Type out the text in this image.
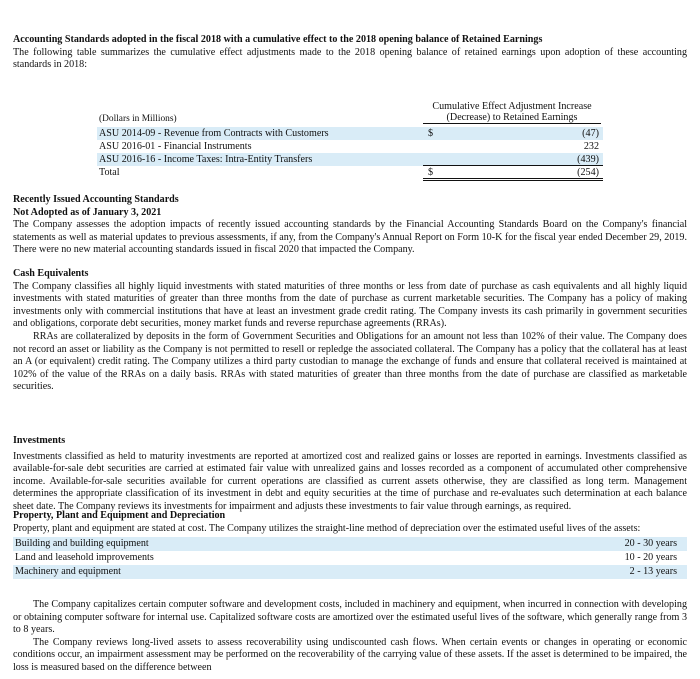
Accounting Standards adopted in the fiscal 2018 with a cumulative effect to the 2018 opening balance of Retained Earnings

The following table summarizes the cumulative effect adjustments made to the 2018 opening balance of retained earnings upon adoption of these accounting standards in 2018:

Cumulative Effect Adjustment Increase
(Decrease) to Retained Earnings
(Dollars in Millions)
ASU 2014-09 - Revenue from Contracts with Customers	$	(47)
ASU 2016-01 - Financial Instruments	232
ASU 2016-16 - Income Taxes: Intra-Entity Transfers	(439)
Total	$	(254)

Recently Issued Accounting Standards

Not Adopted as of January 3, 2021

The Company assesses the adoption impacts of recently issued accounting standards by the Financial Accounting Standards Board on the Company's financial statements as well as material updates to previous assessments, if any, from the Company's Annual Report on Form 10-K for the fiscal year ended December 29, 2019. There were no new material accounting standards issued in fiscal 2020 that impacted the Company.

Cash Equivalents

The Company classifies all highly liquid investments with stated maturities of three months or less from date of purchase as cash equivalents and all highly liquid investments with stated maturities of greater than three months from the date of purchase as current marketable securities. The Company has a policy of making investments only with commercial institutions that have at least an investment grade credit rating. The Company invests its cash primarily in government securities and obligations, corporate debt securities, money market funds and reverse repurchase agreements (RRAs).

RRAs are collateralized by deposits in the form of Government Securities and Obligations for an amount not less than 102% of their value. The Company does not record an asset or liability as the Company is not permitted to resell or repledge the associated collateral. The Company has a policy that the collateral has at least an A (or equivalent) credit rating. The Company utilizes a third party custodian to manage the exchange of funds and ensure that collateral received is maintained at 102% of the value of the RRAs on a daily basis. RRAs with stated maturities of greater than three months from the date of purchase are classified as marketable securities.

Investments

Investments classified as held to maturity investments are reported at amortized cost and realized gains or losses are reported in earnings. Investments classified as available-for-sale debt securities are carried at estimated fair value with unrealized gains and losses recorded as a component of accumulated other comprehensive income. Available-for-sale securities available for current operations are classified as current assets otherwise, they are classified as long term. Management determines the appropriate classification of its investment in debt and equity securities at the time of purchase and re-evaluates such determination at each balance sheet date. The Company reviews its investments for impairment and adjusts these investments to fair value through earnings, as required.

Property, Plant and Equipment and Depreciation

Property, plant and equipment are stated at cost. The Company utilizes the straight-line method of depreciation over the estimated useful lives of the assets:

Building and building equipment	20 - 30 years
Land and leasehold improvements	10 - 20 years
Machinery and equipment	2 - 13 years

The Company capitalizes certain computer software and development costs, included in machinery and equipment, when incurred in connection with developing or obtaining computer software for internal use. Capitalized software costs are amortized over the estimated useful lives of the software, which generally range from 3 to 8 years.

The Company reviews long-lived assets to assess recoverability using undiscounted cash flows. When certain events or changes in operating or economic conditions occur, an impairment assessment may be performed on the recoverability of the carrying value of these assets. If the asset is determined to be impaired, the loss is measured based on the difference between
